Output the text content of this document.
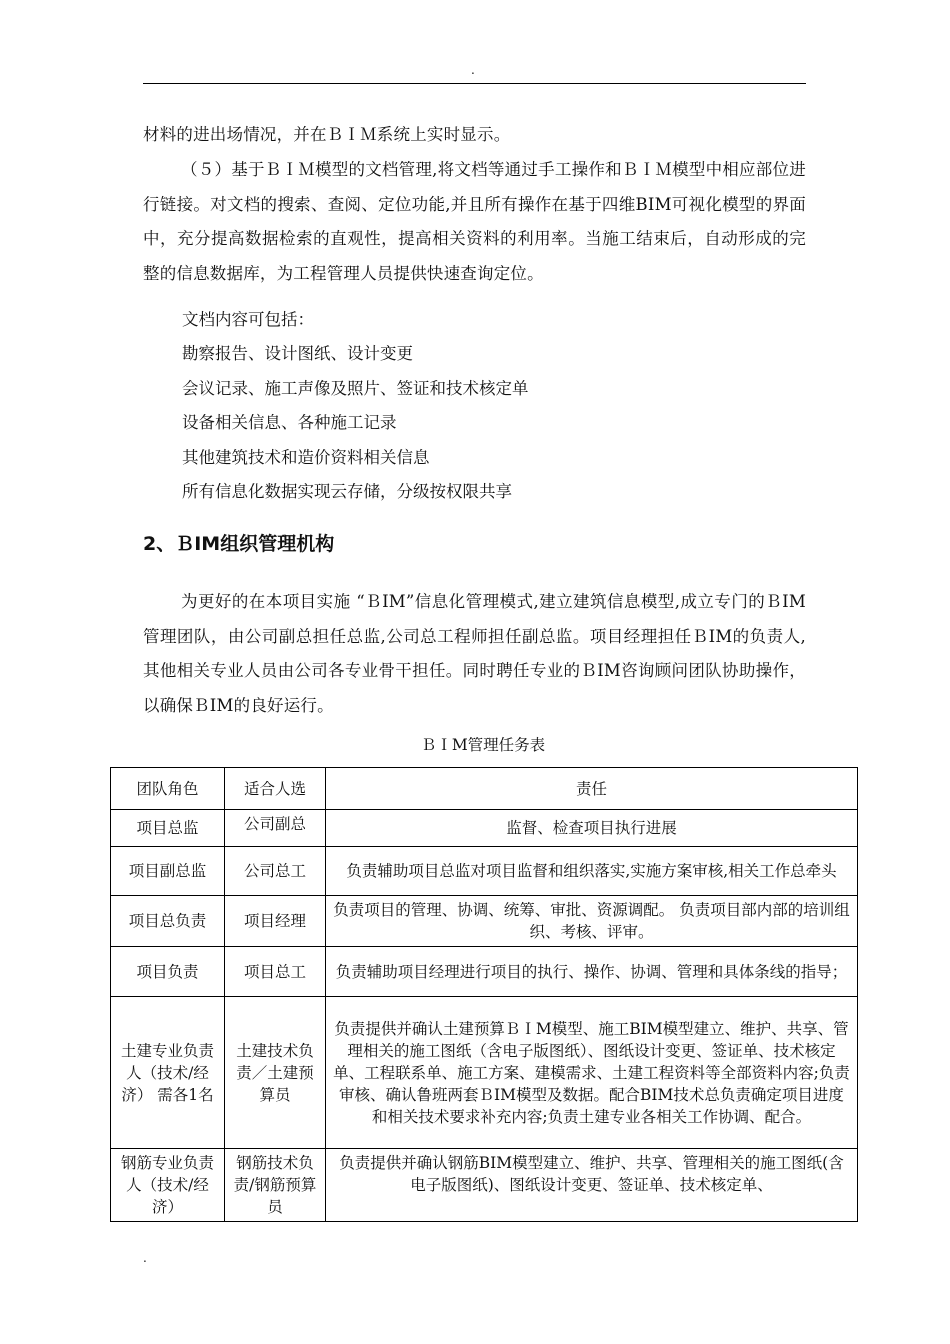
.

材料的进出场情况，并在ＢＩＭ系统上实时显示。

（５）基于ＢＩＭ模型的文档管理,将文档等通过手工操作和ＢＩＭ模型中相应部位进行链接。对文档的搜索、查阅、定位功能,并且所有操作在基于四维BIM可视化模型的界面中，充分提高数据检索的直观性，提高相关资料的利用率。当施工结束后，自动形成的完整的信息数据库，为工程管理人员提供快速查询定位。

文档内容可包括：

勘察报告、设计图纸、设计变更
会议记录、施工声像及照片、签证和技术核定单
设备相关信息、各种施工记录
其他建筑技术和造价资料相关信息
所有信息化数据实现云存储，分级按权限共享
2、ＢIM组织管理机构

为更好的在本项目实施 “ＢIM”信息化管理模式,建立建筑信息模型,成立专门的ＢIM管理团队，由公司副总担任总监,公司总工程师担任副总监。项目经理担任ＢIM的负责人,其他相关专业人员由公司各专业骨干担任。同时聘任专业的ＢIM咨询顾问团队协助操作，以确保ＢIM的良好运行。

ＢＩM管理任务表

团队角色	适合人选	责任
项目总监	公司副总	监督、检查项目执行进展
项目副总监	公司总工	负责辅助项目总监对项目监督和组织落实,实施方案审核,相关工作总牵头
项目总负责	项目经理	负责项目的管理、协调、统筹、审批、资源调配。 负责项目部内部的培训组织、考核、评审。
项目负责	项目总工	负责辅助项目经理进行项目的执行、操作、协调、管理和具体条线的指导；
土建专业负责人（技术/经济） 需各1名	土建技术负责／土建预算员	负责提供并确认土建预算ＢＩM模型、施工BIM模型建立、维护、共享、管理相关的施工图纸（含电子版图纸）、图纸设计变更、签证单、技术核定单、工程联系单、施工方案、建模需求、土建工程资料等全部资料内容;负责审核、确认鲁班两套ＢIM模型及数据。配合BIM技术总负责确定项目进度和相关技术要求补充内容;负责土建专业各相关工作协调、配合。
钢筋专业负责人（技术/经济）	钢筋技术负责/钢筋预算员	负责提供并确认钢筋BIM模型建立、维护、共享、管理相关的施工图纸(含电子版图纸)、图纸设计变更、签证单、技术核定单、
.
